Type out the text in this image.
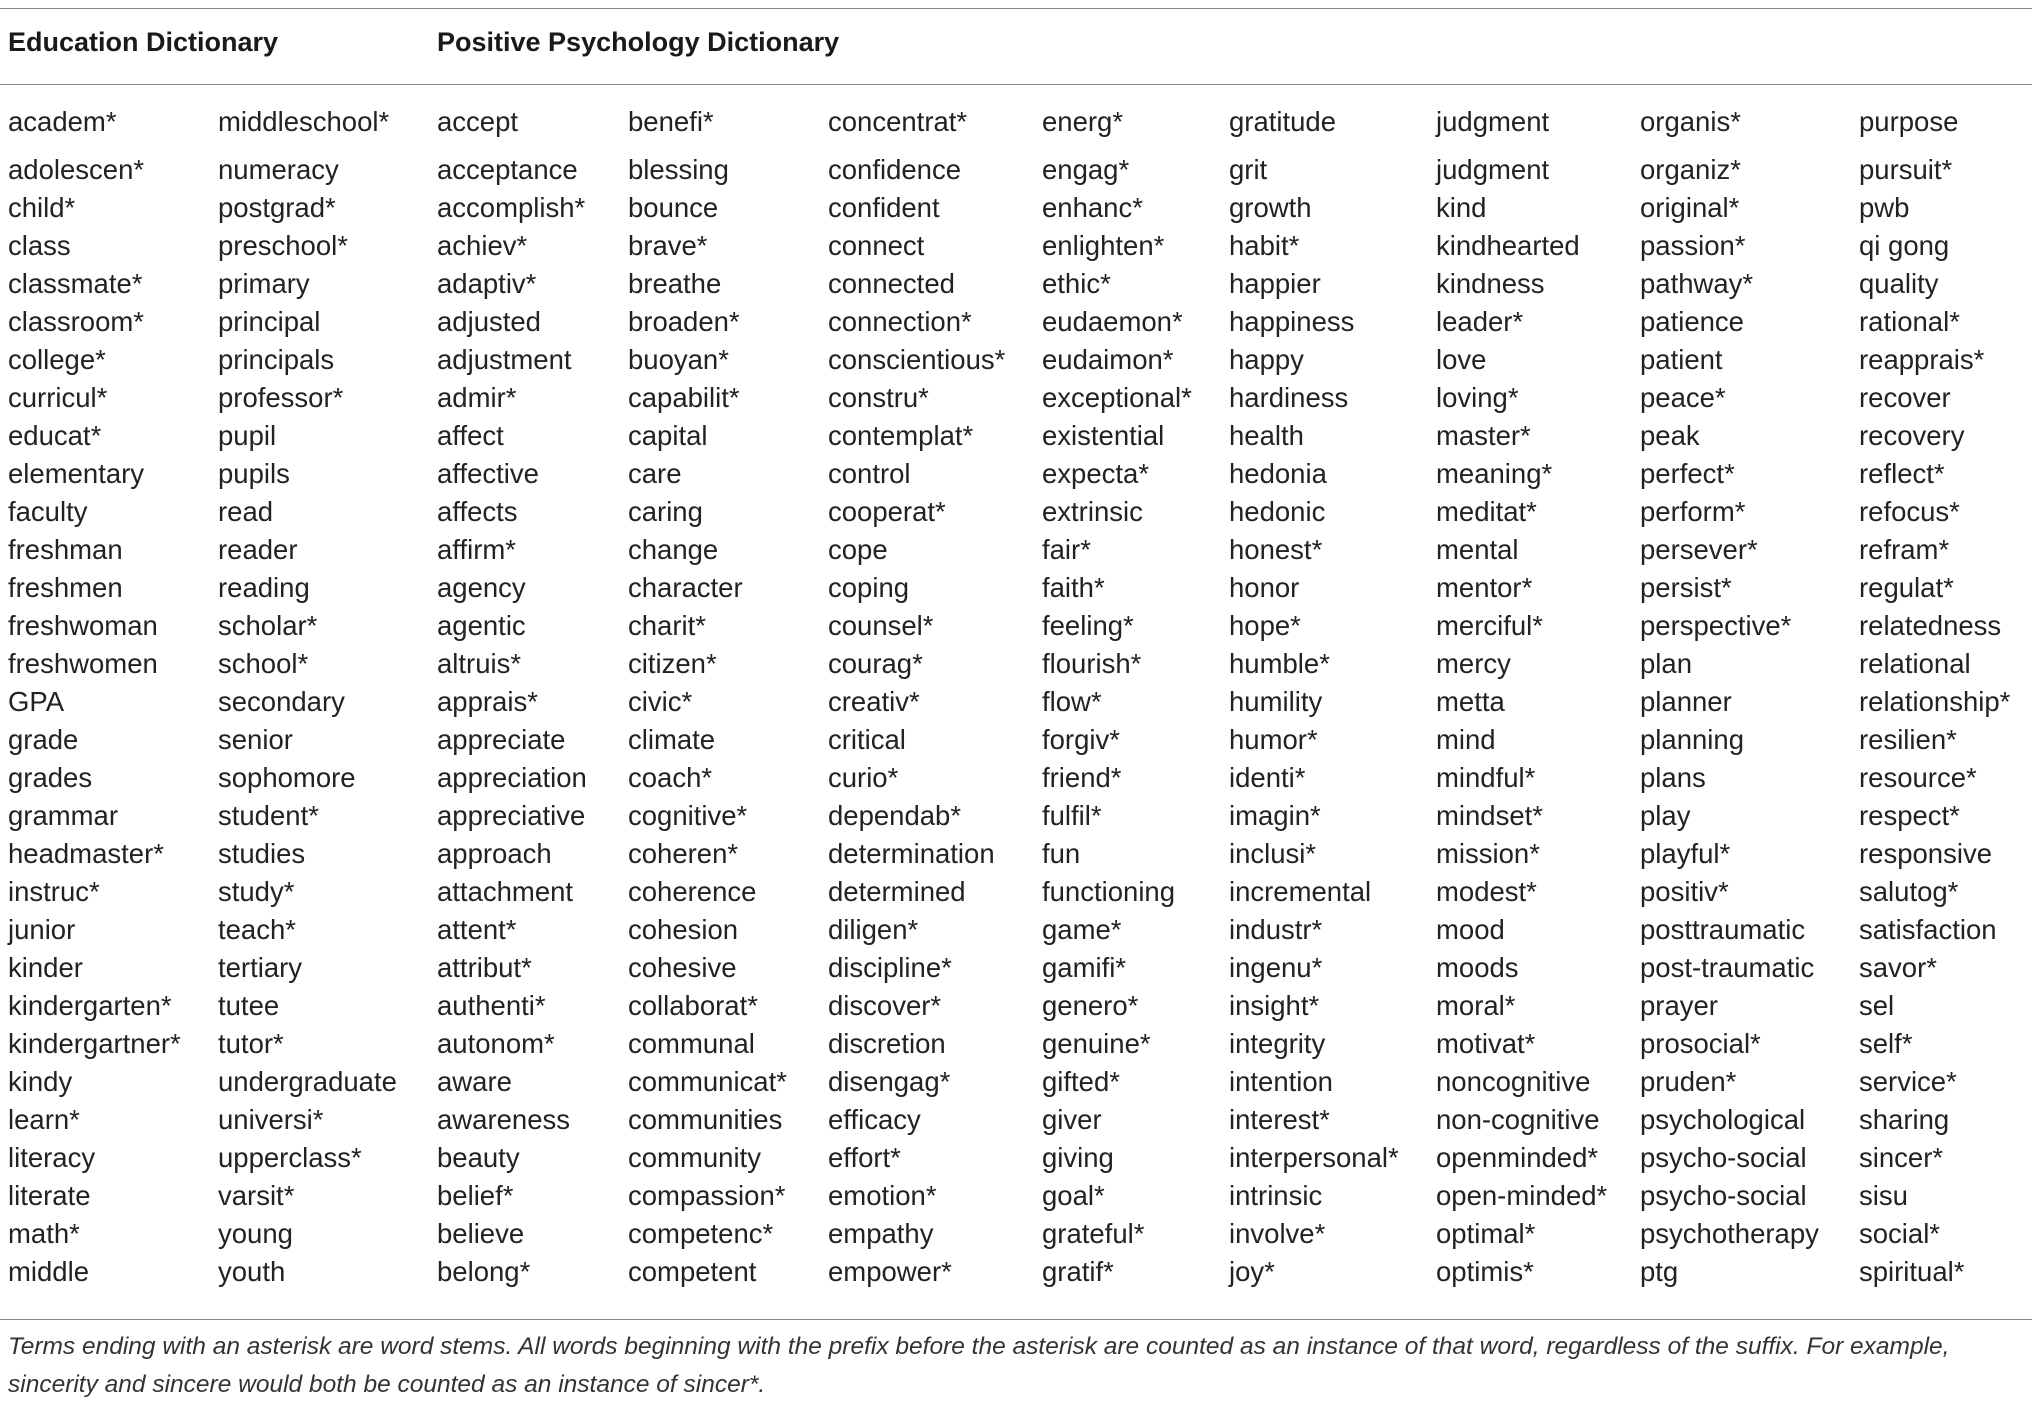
Education Dictionary	Positive Psychology Dictionary
academ*
adolescen*
child*
class
classmate*
classroom*
college*
curricul*
educat*
elementary
faculty
freshman
freshmen
freshwoman
freshwomen
GPA
grade
grades
grammar
headmaster*
instruc*
junior
kinder
kindergarten*
kindergartner*
kindy
learn*
literacy
literate
math*
middle
middleschool*
numeracy
postgrad*
preschool*
primary
principal
principals
professor*
pupil
pupils
read
reader
reading
scholar*
school*
secondary
senior
sophomore
student*
studies
study*
teach*
tertiary
tutee
tutor*
undergraduate
universi*
upperclass*
varsit*
young
youth
accept
acceptance
accomplish*
achiev*
adaptiv*
adjusted
adjustment
admir*
affect
affective
affects
affirm*
agency
agentic
altruis*
apprais*
appreciate
appreciation
appreciative
approach
attachment
attent*
attribut*
authenti*
autonom*
aware
awareness
beauty
belief*
believe
belong*
benefi*
blessing
bounce
brave*
breathe
broaden*
buoyan*
capabilit*
capital
care
caring
change
character
charit*
citizen*
civic*
climate
coach*
cognitive*
coheren*
coherence
cohesion
cohesive
collaborat*
communal
communicat*
communities
community
compassion*
competenc*
competent
concentrat*
confidence
confident
connect
connected
connection*
conscientious*
constru*
contemplat*
control
cooperat*
cope
coping
counsel*
courag*
creativ*
critical
curio*
dependab*
determination
determined
diligen*
discipline*
discover*
discretion
disengag*
efficacy
effort*
emotion*
empathy
empower*
energ*
engag*
enhanc*
enlighten*
ethic*
eudaemon*
eudaimon*
exceptional*
existential
expecta*
extrinsic
fair*
faith*
feeling*
flourish*
flow*
forgiv*
friend*
fulfil*
fun
functioning
game*
gamifi*
genero*
genuine*
gifted*
giver
giving
goal*
grateful*
gratif*
gratitude
grit
growth
habit*
happier
happiness
happy
hardiness
health
hedonia
hedonic
honest*
honor
hope*
humble*
humility
humor*
identi*
imagin*
inclusi*
incremental
industr*
ingenu*
insight*
integrity
intention
interest*
interpersonal*
intrinsic
involve*
joy*
judgment
judgment
kind
kindhearted
kindness
leader*
love
loving*
master*
meaning*
meditat*
mental
mentor*
merciful*
mercy
metta
mind
mindful*
mindset*
mission*
modest*
mood
moods
moral*
motivat*
noncognitive
non-cognitive
openminded*
open-minded*
optimal*
optimis*
organis*
organiz*
original*
passion*
pathway*
patience
patient
peace*
peak
perfect*
perform*
persever*
persist*
perspective*
plan
planner
planning
plans
play
playful*
positiv*
posttraumatic
post-traumatic
prayer
prosocial*
pruden*
psychological
psycho-social
psycho-social
psychotherapy
ptg
purpose
pursuit*
pwb
qi gong
quality
rational*
reapprais*
recover
recovery
reflect*
refocus*
refram*
regulat*
relatedness
relational
relationship*
resilien*
resource*
respect*
responsive
salutog*
satisfaction
savor*
sel
self*
service*
sharing
sincer*
sisu
social*
spiritual*

Terms ending with an asterisk are word stems. All words beginning with the prefix before the asterisk are counted as an instance of that word, regardless of the suffix. For example, sincerity and sincere would both be counted as an instance of sincer*.
